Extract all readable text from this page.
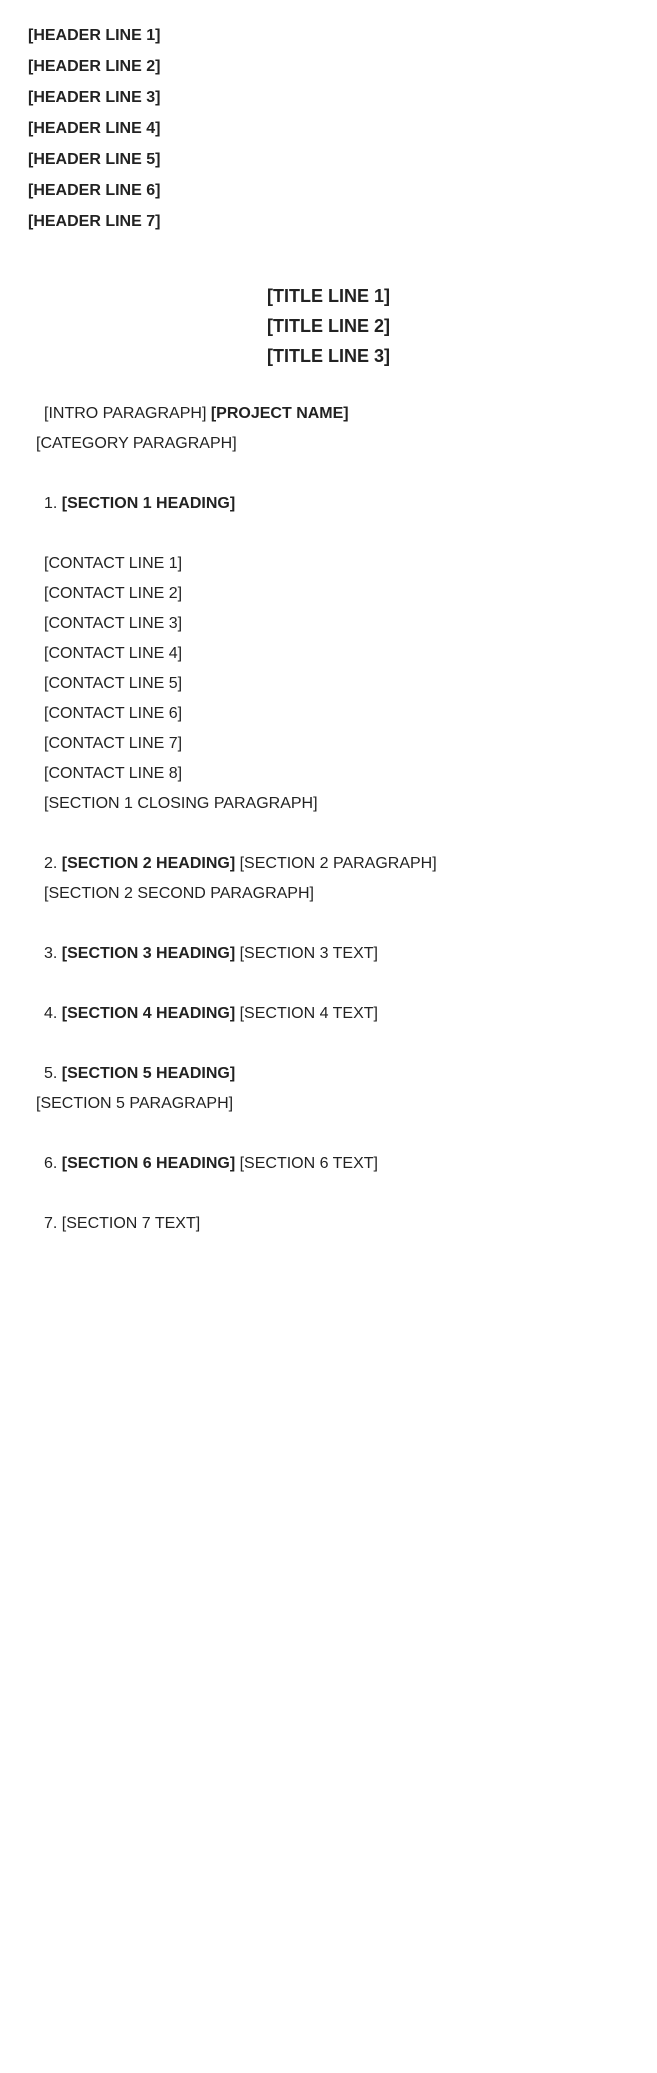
[HEADER LINE 1]
[HEADER LINE 2]
[HEADER LINE 3]
[HEADER LINE 4]
[HEADER LINE 5]
[HEADER LINE 6]
[HEADER LINE 7]
[TITLE LINE 1]
[TITLE LINE 2]
[TITLE LINE 3]

[INTRO PARAGRAPH] [PROJECT NAME]

[CATEGORY PARAGRAPH]

1. [SECTION 1 HEADING]

[CONTACT LINE 1]
[CONTACT LINE 2]
[CONTACT LINE 3]
[CONTACT LINE 4]
[CONTACT LINE 5]
[CONTACT LINE 6]
[CONTACT LINE 7]
[CONTACT LINE 8]

[SECTION 1 CLOSING PARAGRAPH]

2. [SECTION 2 HEADING] [SECTION 2 PARAGRAPH]

[SECTION 2 SECOND PARAGRAPH]

3. [SECTION 3 HEADING] [SECTION 3 TEXT]

4. [SECTION 4 HEADING] [SECTION 4 TEXT]

5. [SECTION 5 HEADING]

[SECTION 5 PARAGRAPH]

6. [SECTION 6 HEADING] [SECTION 6 TEXT]

7. [SECTION 7 TEXT]
